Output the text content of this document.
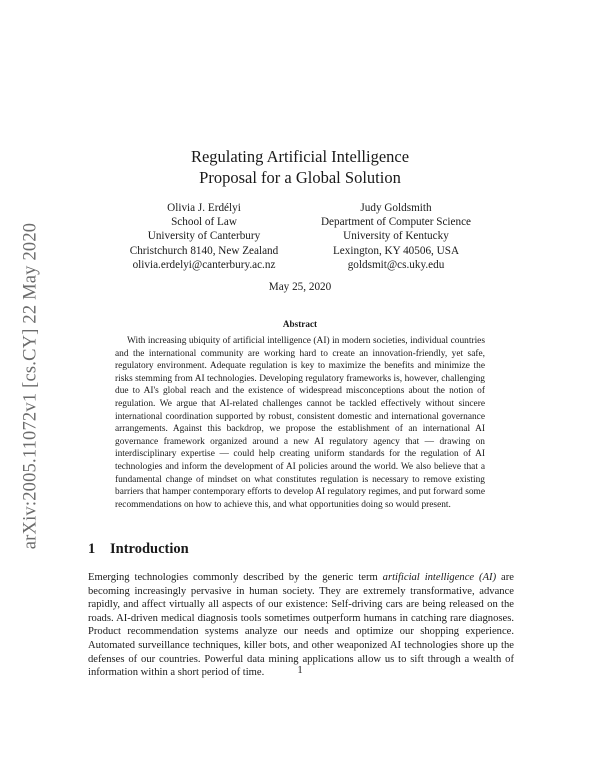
arXiv:2005.11072v1 [cs.CY] 22 May 2020
Regulating Artificial Intelligence
Proposal for a Global Solution
Olivia J. Erdélyi
School of Law
University of Canterbury
Christchurch 8140, New Zealand
olivia.erdelyi@canterbury.ac.nz
Judy Goldsmith
Department of Computer Science
University of Kentucky
Lexington, KY 40506, USA
goldsmit@cs.uky.edu
May 25, 2020
Abstract

With increasing ubiquity of artificial intelligence (AI) in modern societies, individual countries and the international community are working hard to create an innovation-friendly, yet safe, regulatory environment. Adequate regulation is key to maximize the benefits and minimize the risks stemming from AI technologies. Developing regulatory frameworks is, however, challenging due to AI's global reach and the existence of widespread misconceptions about the notion of regulation. We argue that AI-related challenges cannot be tackled effectively without sincere international coordination supported by robust, consistent domestic and international governance arrangements. Against this backdrop, we propose the establishment of an international AI governance framework organized around a new AI regulatory agency that — drawing on interdisciplinary expertise — could help creating uniform standards for the regulation of AI technologies and inform the development of AI policies around the world. We also believe that a fundamental change of mindset on what constitutes regulation is necessary to remove existing barriers that hamper contemporary efforts to develop AI regulatory regimes, and put forward some recommendations on how to achieve this, and what opportunities doing so would present.

1 Introduction

Emerging technologies commonly described by the generic term artificial intelligence (AI) are becoming increasingly pervasive in human society. They are extremely transformative, advance rapidly, and affect virtually all aspects of our existence: Self-driving cars are being released on the roads. AI-driven medical diagnosis tools sometimes outperform humans in catching rare diagnoses. Product recommendation systems analyze our needs and optimize our shopping experience. Automated surveillance techniques, killer bots, and other weaponized AI technologies shore up the defenses of our countries. Powerful data mining applications allow us to sift through a wealth of information within a short period of time.	1
